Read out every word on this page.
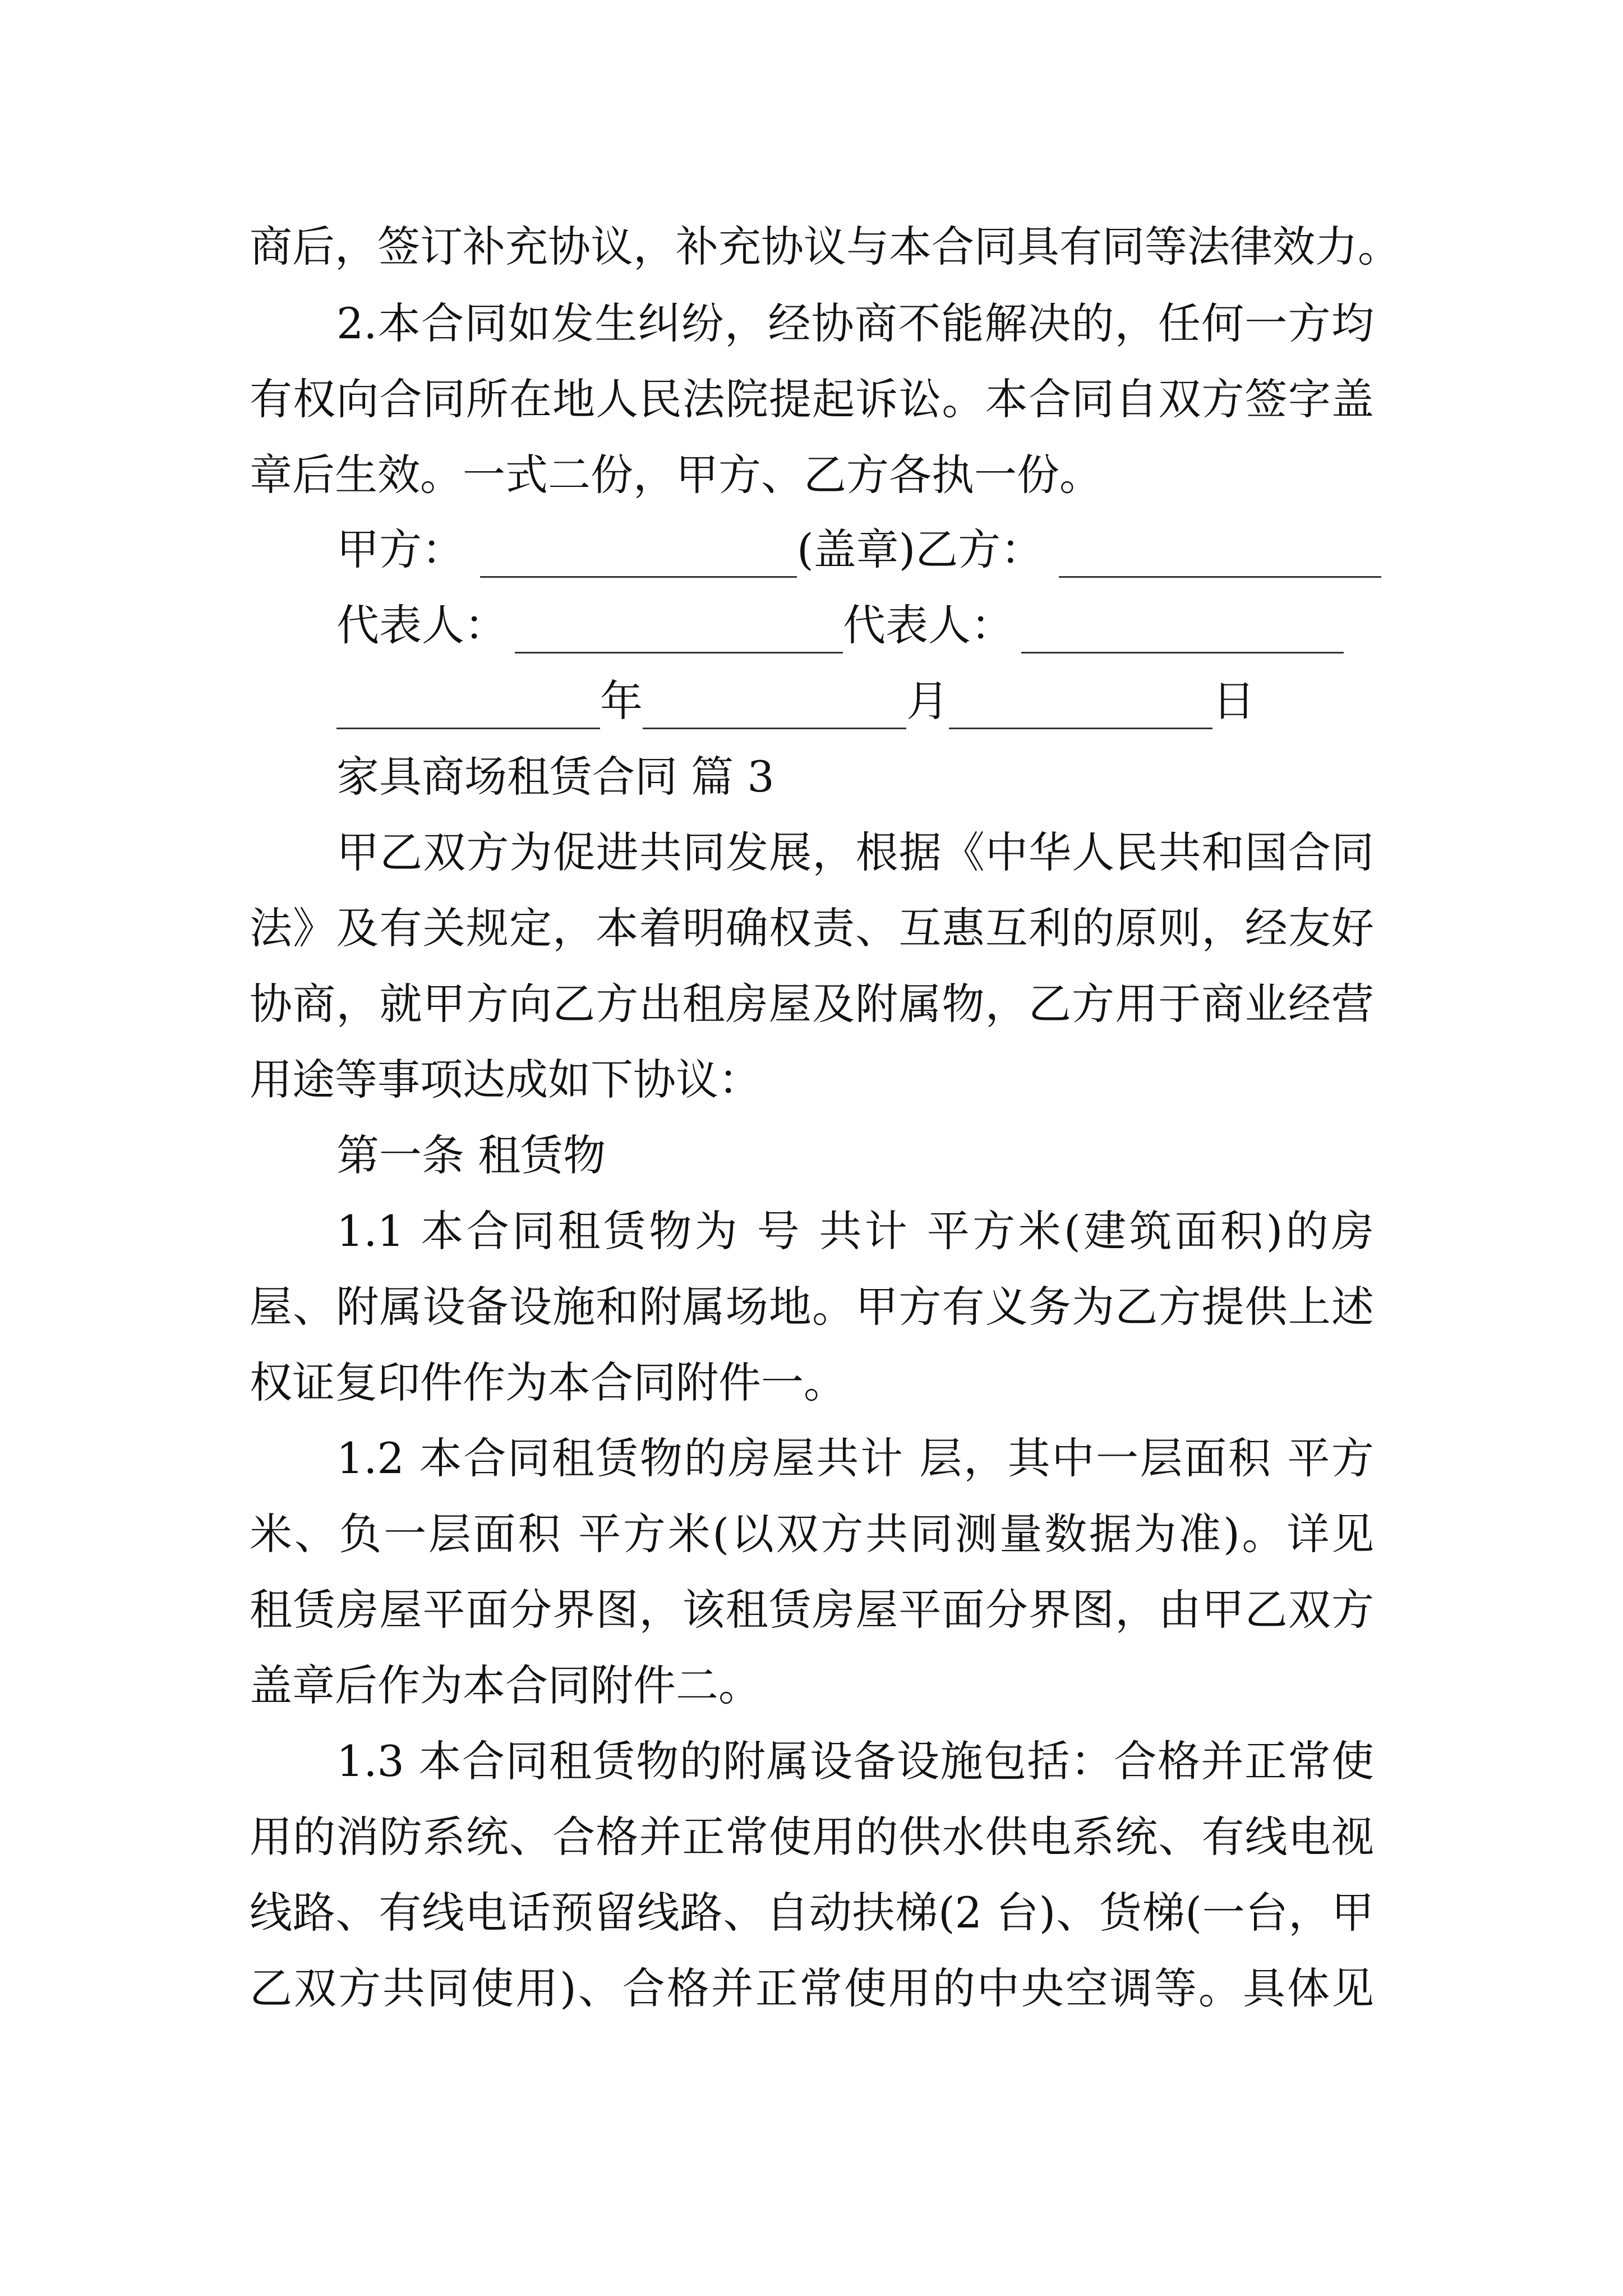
商后，签订补充协议，补充协议与本合同具有同等法律效力。
2.本合同如发生纠纷，经协商不能解决的，任何一方均
有权向合同所在地人民法院提起诉讼。本合同自双方签字盖
章后生效。一式二份，甲方、乙方各执一份。
甲方：	(盖章)乙方：
代表人：	代表人：
年	月	日
家具商场租赁合同 篇 3
甲乙双方为促进共同发展，根据《中华人民共和国合同
法》及有关规定，本着明确权责、互惠互利的原则，经友好
协商，就甲方向乙方出租房屋及附属物，乙方用于商业经营
用途等事项达成如下协议：
第一条 租赁物
1.1 本合同租赁物为 号 共计 平方米(建筑面积)的房
屋、附属设备设施和附属场地。甲方有义务为乙方提供上述
权证复印件作为本合同附件一。
1.2 本合同租赁物的房屋共计 层，其中一层面积 平方
米、负一层面积 平方米(以双方共同测量数据为准)。详见
租赁房屋平面分界图，该租赁房屋平面分界图，由甲乙双方
盖章后作为本合同附件二。
1.3 本合同租赁物的附属设备设施包括：合格并正常使
用的消防系统、合格并正常使用的供水供电系统、有线电视
线路、有线电话预留线路、自动扶梯(2 台)、货梯(一台，甲
乙双方共同使用)、合格并正常使用的中央空调等。具体见
